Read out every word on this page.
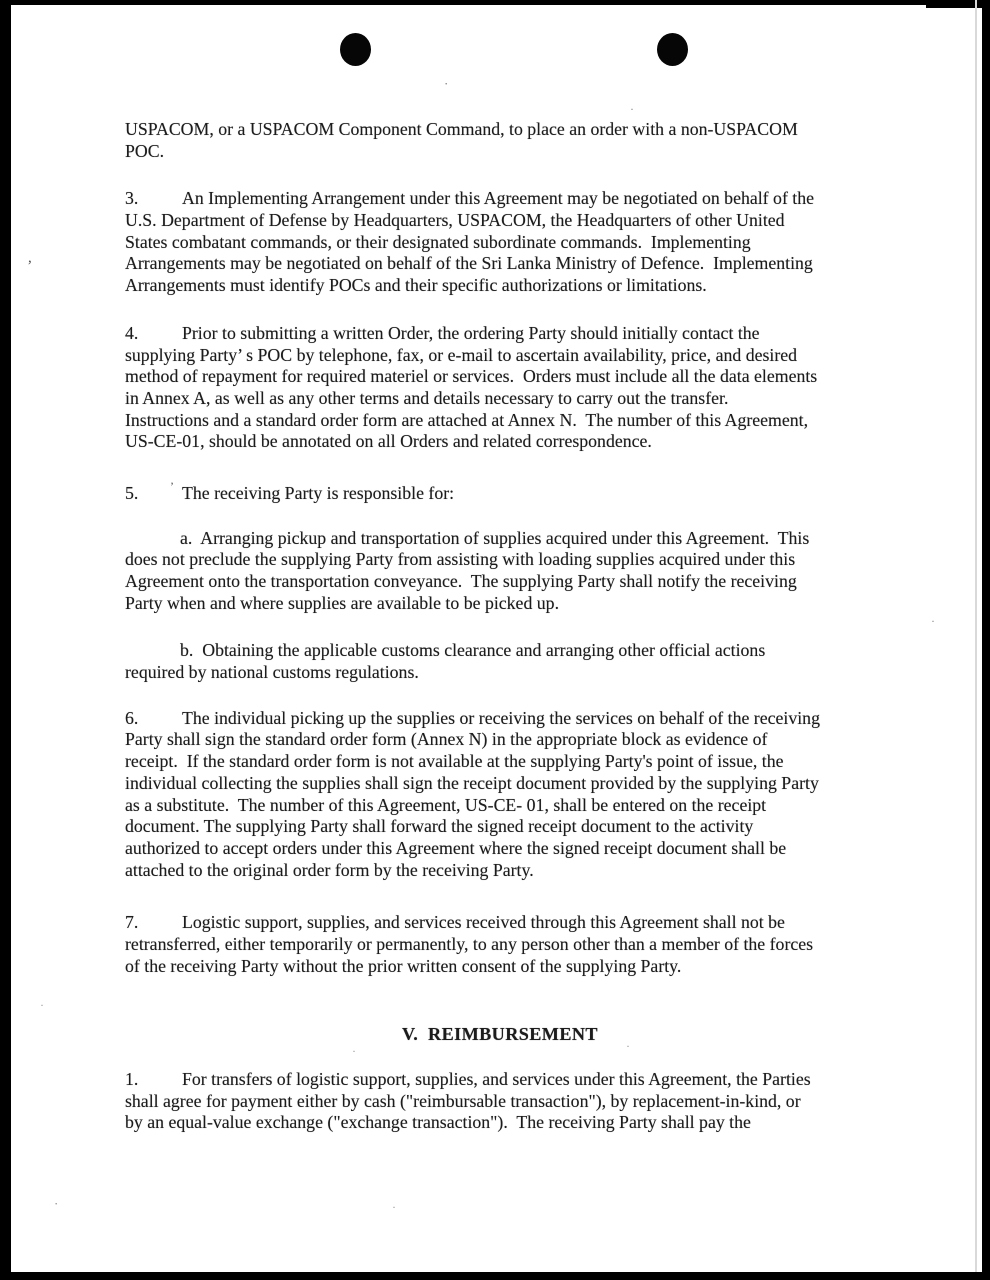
USPACOM, or a USPACOM Component Command, to place an order with a non-USPACOM
POC.
3.	An Implementing Arrangement under this Agreement may be negotiated on behalf of the
U.S. Department of Defense by Headquarters, USPACOM, the Headquarters of other United
States combatant commands, or their designated subordinate commands.  Implementing
Arrangements may be negotiated on behalf of the Sri Lanka Ministry of Defence.  Implementing
Arrangements must identify POCs and their specific authorizations or limitations.
4.	Prior to submitting a written Order, the ordering Party should initially contact the
supplying Party’ s POC by telephone, fax, or e-mail to ascertain availability, price, and desired
method of repayment for required materiel or services.  Orders must include all the data elements
in Annex A, as well as any other terms and details necessary to carry out the transfer.
Instructions and a standard order form are attached at Annex N.  The number of this Agreement,
US-CE-01, should be annotated on all Orders and related correspondence.
5.	The receiving Party is responsible for:
a.  Arranging pickup and transportation of supplies acquired under this Agreement.  This
does not preclude the supplying Party from assisting with loading supplies acquired under this
Agreement onto the transportation conveyance.  The supplying Party shall notify the receiving
Party when and where supplies are available to be picked up.
b.  Obtaining the applicable customs clearance and arranging other official actions
required by national customs regulations.
6.	The individual picking up the supplies or receiving the services on behalf of the receiving
Party shall sign the standard order form (Annex N) in the appropriate block as evidence of
receipt.  If the standard order form is not available at the supplying Party's point of issue, the
individual collecting the supplies shall sign the receipt document provided by the supplying Party
as a substitute.  The number of this Agreement, US-CE- 01, shall be entered on the receipt
document. The supplying Party shall forward the signed receipt document to the activity
authorized to accept orders under this Agreement where the signed receipt document shall be
attached to the original order form by the receiving Party.
7.	Logistic support, supplies, and services received through this Agreement shall not be
retransferred, either temporarily or permanently, to any person other than a member of the forces
of the receiving Party without the prior written consent of the supplying Party.
V.  REIMBURSEMENT
1.	For transfers of logistic support, supplies, and services under this Agreement, the Parties
shall agree for payment either by cash ("reimbursable transaction"), by replacement-in-kind, or
by an equal-value exchange ("exchange transaction").  The receiving Party shall pay the
,
’
·
·
·
·	·
·	·
·
